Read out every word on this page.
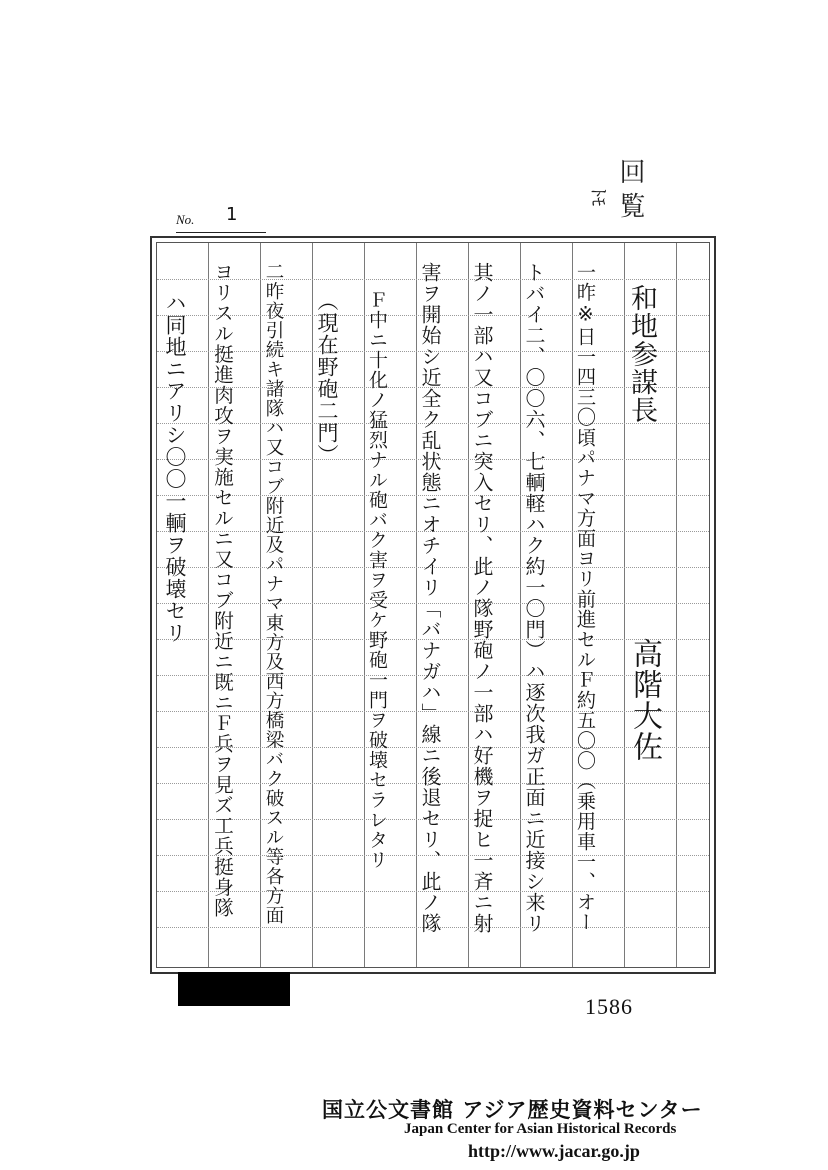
No. 1
回
覧
ﾄﾓ
和地参謀長
高階大佐
一昨※日一四三〇頃パナマ方面ヨリ前進セルＦ約五〇〇（乗用車一、オー
トバイ二、〇〇六、七輌軽ハク約一〇門）ハ逐次我ガ正面ニ近接シ来リ
其ノ一部ハ又コブニ突入セリ、此ノ隊野砲ノ一部ハ好機ヲ捉ヒ一斉ニ射
害ヲ開始シ近全ク乱状態ニオチイリ「バナガハ」線ニ後退セリ、此ノ隊
Ｆ中ニ十化ノ猛烈ナル砲バク害ヲ受ケ野砲一門ヲ破壊セラレタリ
（現在野砲二門）
二昨夜引続キ諸隊ハ又コブ附近及パナマ東方及西方橋梁バク破スル等各方面
ヨリスル挺進肉攻ヲ実施セルニ又コブ附近ニ既ニＦ兵ヲ見ズ工兵挺身隊
ハ同地ニアリシ〇〇一輌ヲ破壊セリ
1586
国立公文書館 アジア歴史資料センター
Japan Center for Asian Historical Records
http://www.jacar.go.jp
